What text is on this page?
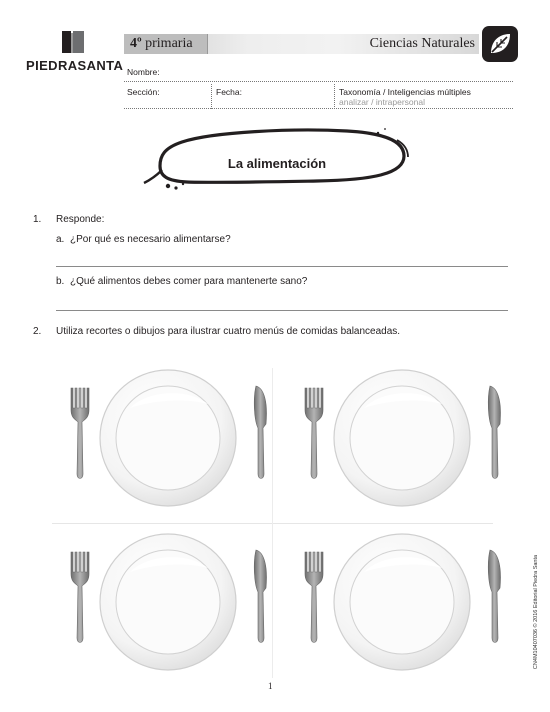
PIEDRASANTA
4º primaria	Ciencias Naturales
Nombre:
Sección:	Fecha:	Taxonomía / Inteligencias múltiples
analizar / intrapersonal
La alimentación
1. Responde:
a. ¿Por qué es necesario alimentarse?
b. ¿Qué alimentos debes comer para mantenerte sano?
2. Utiliza recortes o dibujos para ilustrar cuatro menús de comidas balanceadas.
1
CN4M10407036 © 2016 Editorial Piedra Santa
